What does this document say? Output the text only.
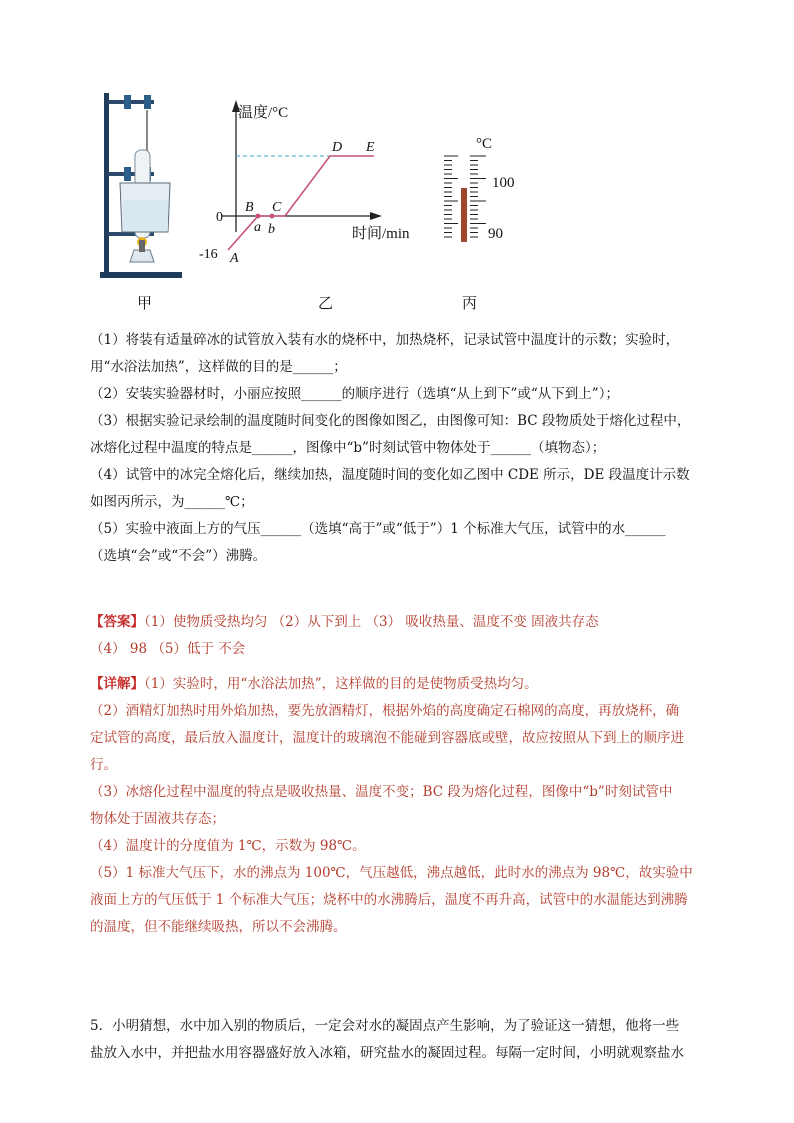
温度/°C
时间/min
0
-16 A
B C
D E
a b
°C
100
90
甲	乙	丙
（1）将装有适量碎冰的试管放入装有水的烧杯中，加热烧杯，记录试管中温度计的示数；实验时，
用“水浴法加热”，这样做的目的是______；
（2）安装实验器材时，小丽应按照______的顺序进行（选填“从上到下”或“从下到上”）；
（3）根据实验记录绘制的温度随时间变化的图像如图乙，由图像可知：BC 段物质处于熔化过程中，
冰熔化过程中温度的特点是______，图像中“b”时刻试管中物体处于______（填物态）；
（4）试管中的冰完全熔化后，继续加热，温度随时间的变化如乙图中 CDE 所示，DE 段温度计示数
如图丙所示，为______℃；
（5）实验中液面上方的气压______（选填“高于”或“低于”）1 个标准大气压，试管中的水______
（选填“会”或“不会”）沸腾。
【答案】（1）使物质受热均匀 （2）从下到上 （3） 吸收热量、温度不变 固液共存态
（4） 98 （5）低于 不会
【详解】（1）实验时，用“水浴法加热”，这样做的目的是使物质受热均匀。
（2）酒精灯加热时用外焰加热，要先放酒精灯，根据外焰的高度确定石棉网的高度，再放烧杯，确
定试管的高度，最后放入温度计，温度计的玻璃泡不能碰到容器底或壁，故应按照从下到上的顺序进
行。
（3）冰熔化过程中温度的特点是吸收热量、温度不变；BC 段为熔化过程，图像中“b”时刻试管中
物体处于固液共存态；
（4）温度计的分度值为 1℃，示数为 98℃。
（5）1 标准大气压下，水的沸点为 100℃，气压越低，沸点越低，此时水的沸点为 98℃，故实验中
液面上方的气压低于 1 个标准大气压；烧杯中的水沸腾后，温度不再升高，试管中的水温能达到沸腾
的温度，但不能继续吸热，所以不会沸腾。
5．小明猜想，水中加入别的物质后，一定会对水的凝固点产生影响，为了验证这一猜想，他将一些
盐放入水中，并把盐水用容器盛好放入冰箱，研究盐水的凝固过程。每隔一定时间，小明就观察盐水
